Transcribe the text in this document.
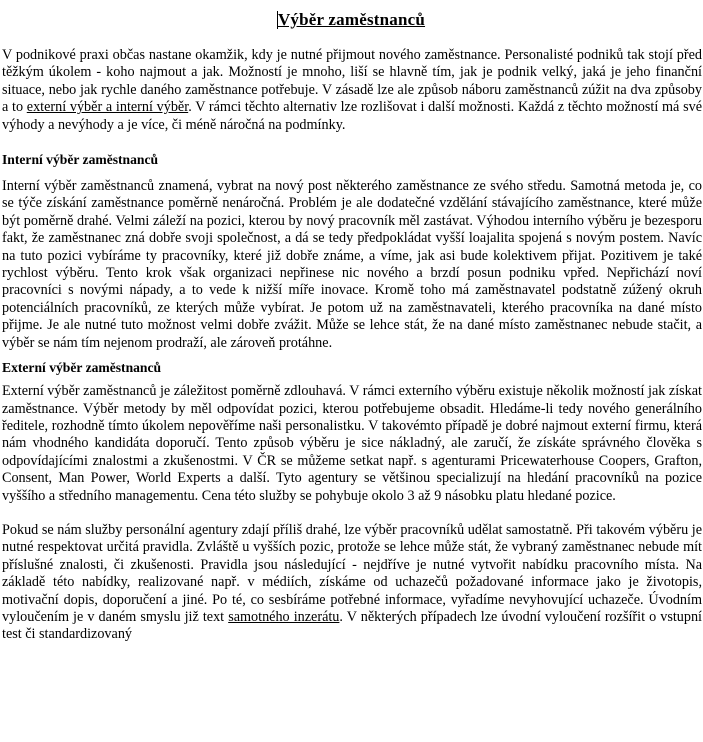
Výběr zaměstnanců

V podnikové praxi občas nastane okamžik, kdy je nutné přijmout nového zaměstnance. Personalisté podniků tak stojí před těžkým úkolem - koho najmout a jak. Možností je mnoho, liší se hlavně tím, jak je podnik velký, jaká je jeho finanční situace, nebo jak rychle daného zaměstnance potřebuje. V zásadě lze ale způsob náboru zaměstnanců zúžit na dva způsoby a to externí výběr a interní výběr. V rámci těchto alternativ lze rozlišovat i další možnosti. Každá z těchto možností má své výhody a nevýhody a je více, či méně náročná na podmínky.

Interní výběr zaměstnanců

Interní výběr zaměstnanců znamená, vybrat na nový post některého zaměstnance ze svého středu. Samotná metoda je, co se týče získání zaměstnance poměrně nenáročná. Problém je ale dodatečné vzdělání stávajícího zaměstnance, které může být poměrně drahé. Velmi záleží na pozici, kterou by nový pracovník měl zastávat. Výhodou interního výběru je bezesporu fakt, že zaměstnanec zná dobře svoji společnost, a dá se tedy předpokládat vyšší loajalita spojená s novým postem. Navíc na tuto pozici vybíráme ty pracovníky, které již dobře známe, a víme, jak asi bude kolektivem přijat. Pozitivem je také rychlost výběru. Tento krok však organizaci nepřinese nic nového a brzdí posun podniku vpřed. Nepřichází noví pracovníci s novými nápady, a to vede k nižší míře inovace. Kromě toho má zaměstnavatel podstatně zúžený okruh potenciálních pracovníků, ze kterých může vybírat. Je potom už na zaměstnavateli, kterého pracovníka na dané místo přijme. Je ale nutné tuto možnost velmi dobře zvážit. Může se lehce stát, že na dané místo zaměstnanec nebude stačit, a výběr se nám tím nejenom prodraží, ale zároveň protáhne.

Externí výběr zaměstnanců

Externí výběr zaměstnanců je záležitost poměrně zdlouhavá. V rámci externího výběru existuje několik možností jak získat zaměstnance. Výběr metody by měl odpovídat pozici, kterou potřebujeme obsadit. Hledáme-li tedy nového generálního ředitele, rozhodně tímto úkolem nepověříme naši personalistku. V takovémto případě je dobré najmout externí firmu, která nám vhodného kandidáta doporučí. Tento způsob výběru je sice nákladný, ale zaručí, že získáte správného člověka s odpovídajícími znalostmi a zkušenostmi. V ČR se můžeme setkat např. s agenturami Pricewaterhouse Coopers, Grafton, Consent, Man Power, World Experts a další. Tyto agentury se většinou specializují na hledání pracovníků na pozice vyššího a středního managementu. Cena této služby se pohybuje okolo 3 až 9 násobku platu hledané pozice.

Pokud se nám služby personální agentury zdají příliš drahé, lze výběr pracovníků udělat samostatně. Při takovém výběru je nutné respektovat určitá pravidla. Zvláště u vyšších pozic, protože se lehce může stát, že vybraný zaměstnanec nebude mít příslušné znalosti, či zkušenosti. Pravidla jsou následující - nejdříve je nutné vytvořit nabídku pracovního místa. Na základě této nabídky, realizované např. v médiích, získáme od uchazečů požadované informace jako je životopis, motivační dopis, doporučení a jiné. Po té, co sesbíráme potřebné informace, vyřadíme nevyhovující uchazeče. Úvodním vyloučením je v daném smyslu již text samotného inzerátu. V některých případech lze úvodní vyloučení rozšířit o vstupní test či standardizovaný
